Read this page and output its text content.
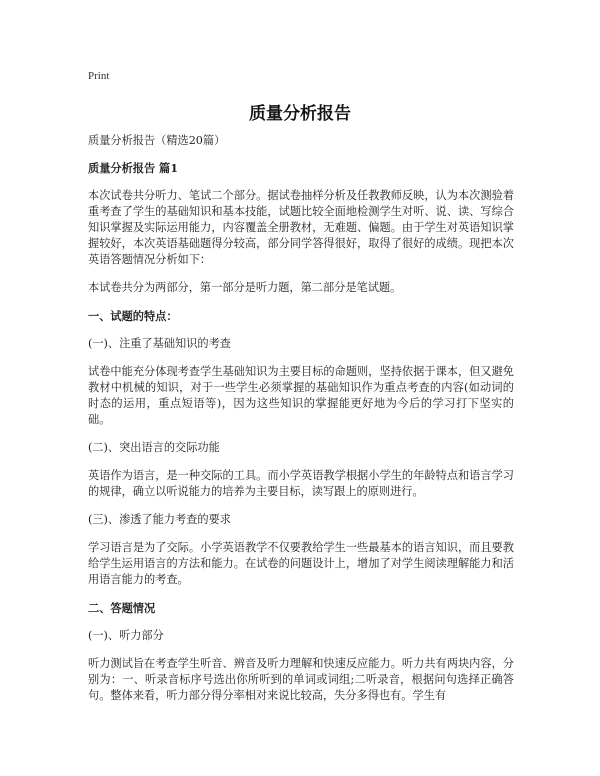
Print
质量分析报告

质量分析报告（精选20篇）

质量分析报告 篇1

本次试卷共分听力、笔试二个部分。据试卷抽样分析及任教教师反映，认为本次测验着重考查了学生的基础知识和基本技能，试题比较全面地检测学生对听、说、读、写综合知识掌握及实际运用能力，内容覆盖全册教材，无难题、偏题。由于学生对英语知识掌握较好，本次英语基础题得分较高，部分同学答得很好，取得了很好的成绩。现把本次英语答题情况分析如下：

本试卷共分为两部分，第一部分是听力题，第二部分是笔试题。

一、试题的特点：

(一)、注重了基础知识的考查

试卷中能充分体现考查学生基础知识为主要目标的命题则，坚持依据于课本，但又避免教材中机械的知识，对于一些学生必须掌握的基础知识作为重点考查的内容(如动词的时态的运用，重点短语等)，因为这些知识的掌握能更好地为今后的学习打下坚实的础。

(二)、突出语言的交际功能

英语作为语言，是一种交际的工具。而小学英语教学根据小学生的年龄特点和语言学习的规律，确立以听说能力的培养为主要目标，读写跟上的原则进行。

(三)、渗透了能力考查的要求

学习语言是为了交际。小学英语教学不仅要教给学生一些最基本的语言知识，而且要教给学生运用语言的方法和能力。在试卷的问题设计上，增加了对学生阅读理解能力和活用语言能力的考查。

二、答题情况

(一)、听力部分

听力测试旨在考查学生听音、辨音及听力理解和快速反应能力。听力共有两块内容，分别为：一、听录音标序号选出你所听到的单词或词组;二听录音，根据问句选择正确答句。整体来看，听力部分得分率相对来说比较高，失分多得也有。学生有
